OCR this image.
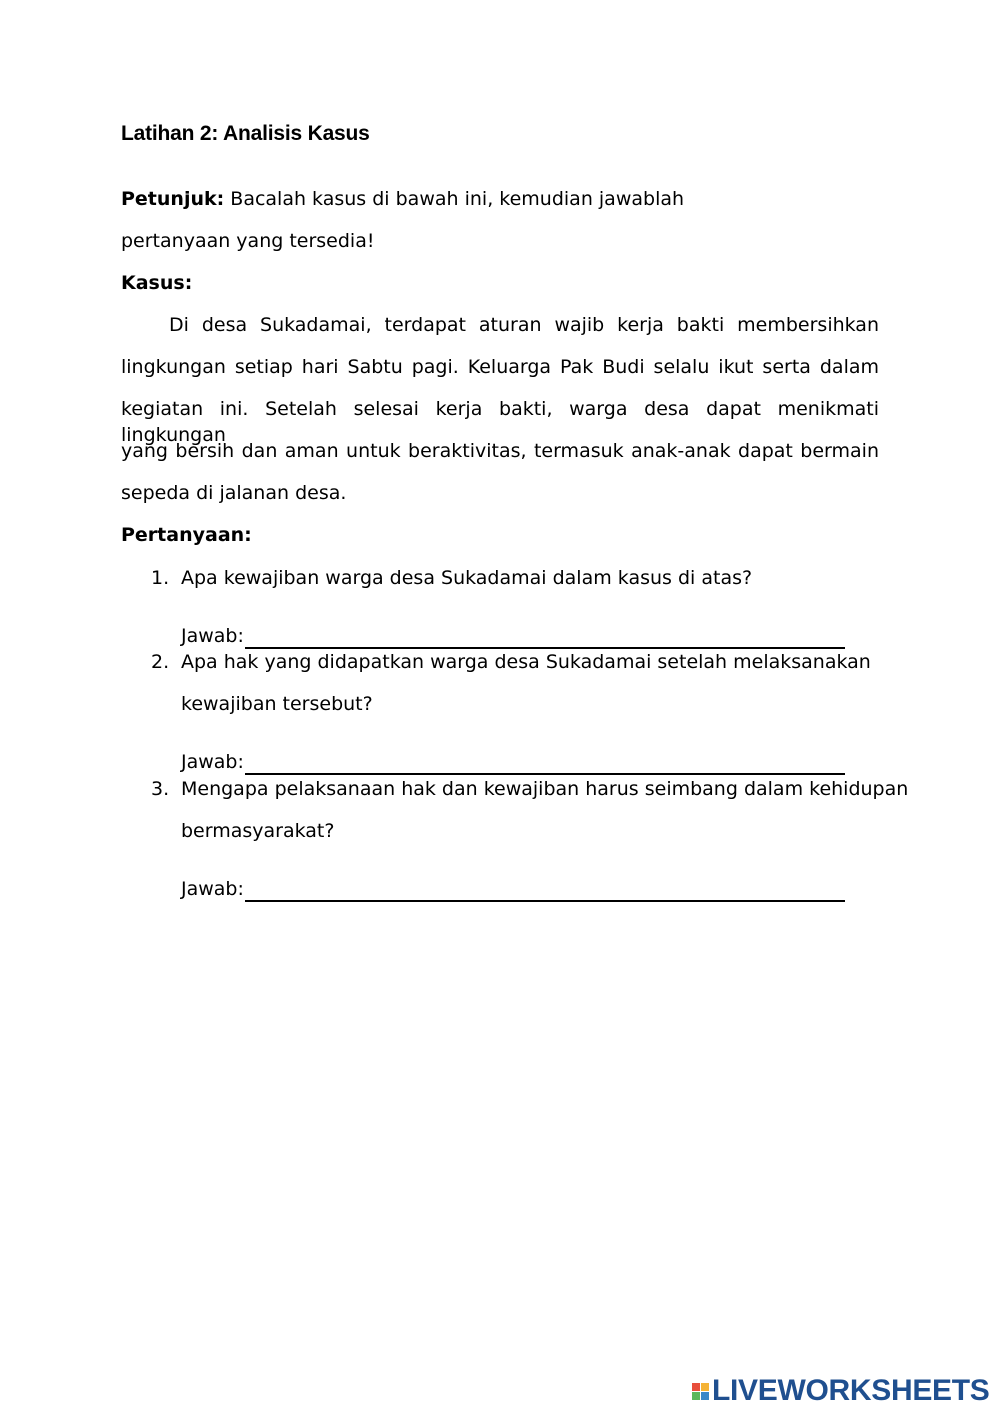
Latihan 2: Analisis Kasus
Petunjuk: Bacalah kasus di bawah ini, kemudian jawablah
pertanyaan yang tersedia!
Kasus:
Di desa Sukadamai, terdapat aturan wajib kerja bakti membersihkan
lingkungan setiap hari Sabtu pagi. Keluarga Pak Budi selalu ikut serta dalam
kegiatan ini. Setelah selesai kerja bakti, warga desa dapat menikmati lingkungan
yang bersih dan aman untuk beraktivitas, termasuk anak-anak dapat bermain
sepeda di jalanan desa.
Pertanyaan:
1. Apa kewajiban warga desa Sukadamai dalam kasus di atas?
Jawab:
2. Apa hak yang didapatkan warga desa Sukadamai setelah melaksanakan
kewajiban tersebut?
Jawab:
3. Mengapa pelaksanaan hak dan kewajiban harus seimbang dalam kehidupan
bermasyarakat?
Jawab:
LIVEWORKSHEETS
